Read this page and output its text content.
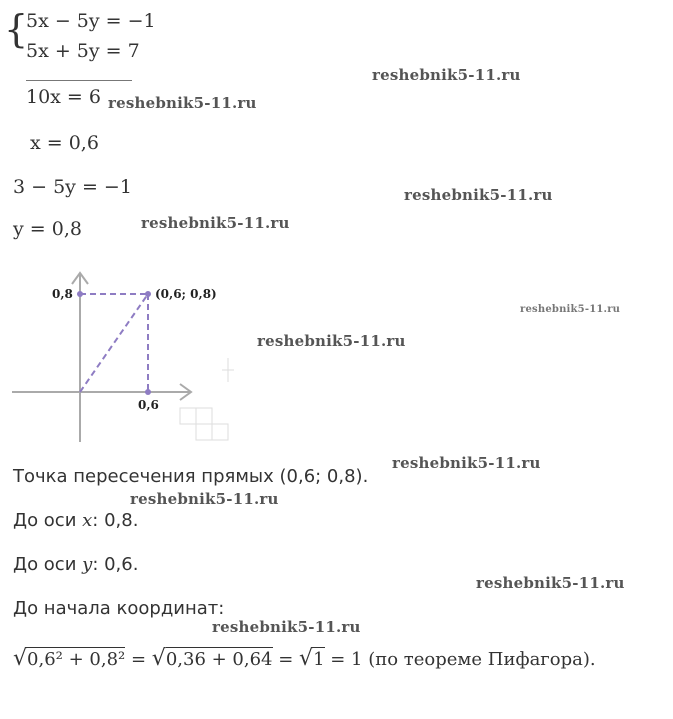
{
5x − 5y = −1
5x + 5y = 7
10x = 6
x = 0,6
3 − 5y = −1
y = 0,8
0,8	(0,6; 0,8)
0,6
Точка пересечения прямых (0,6; 0,8).
До оси x: 0,8.
До оси y: 0,6.
До начала координат:
√0,6² + 0,8² = √0,36 + 0,64 = √1 = 1 (по теореме Пифагора).
reshebnik5-11.ru
reshebnik5-11.ru
reshebnik5-11.ru
reshebnik5-11.ru
reshebnik5-11.ru
reshebnik5-11.ru
reshebnik5-11.ru
reshebnik5-11.ru
reshebnik5-11.ru
reshebnik5-11.ru
